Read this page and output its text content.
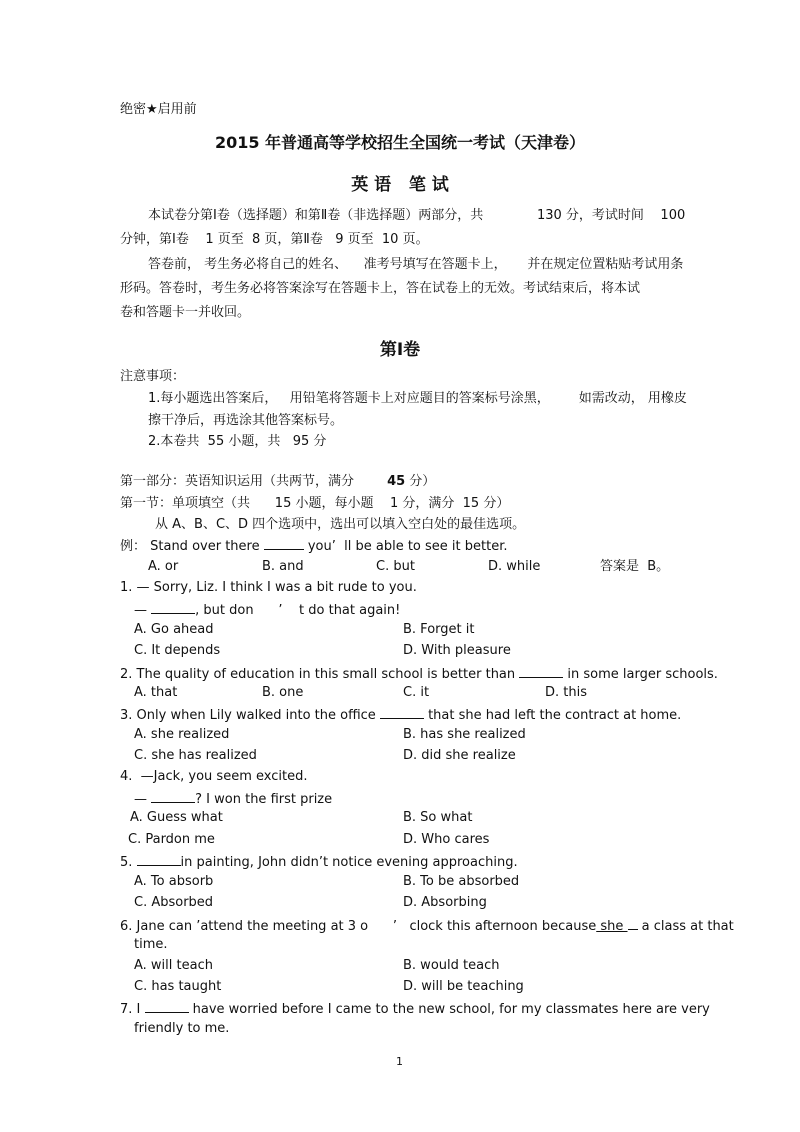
绝密★启用前
2015 年普通高等学校招生全国统一考试（天津卷）
英 语   笔 试
本试卷分第Ⅰ卷（选择题）和第Ⅱ卷（非选择题）两部分，共             130 分，考试时间    100
分钟，第Ⅰ卷    1 页至  8 页，第Ⅱ卷   9 页至  10 页。
答卷前， 考生务必将自己的姓名、    准考号填写在答题卡上，     并在规定位置粘贴考试用条
形码。答卷时，考生务必将答案涂写在答题卡上，答在试卷上的无效。考试结束后，将本试
卷和答题卡一并收回。
第Ⅰ卷
注意事项：
1.每小题选出答案后，   用铅笔将答题卡上对应题目的答案标号涂黑，       如需改动， 用橡皮
擦干净后，再选涂其他答案标号。
2.本卷共  55 小题，共   95 分
第一部分：英语知识运用（共两节，满分        45 分）
第一节：单项填空（共      15 小题，每小题    1 分，满分  15 分）
从 A、B、C、D 四个选项中，选出可以填入空白处的最佳选项。
例： Stand over there	you’  ll be able to see it better.
A. or	B. and	C. but	D. while	答案是  B。
1. — Sorry, Liz. I think I was a bit rude to you.
—	, but don      ’    t do that again!
A. Go ahead	B. Forget it
C. It depends	D. With pleasure
2. The quality of education in this small school is better than	in some larger schools.
A. that	B. one	C. it	D. this
3. Only when Lily walked into the office	that she had left the contract at home.
A. she realized	B. has she realized
C. she has realized	D. did she realize
4.  —Jack, you seem excited.
—	? I won the first prize
A. Guess what	B. So what
C. Pardon me	D. Who cares
5.	in painting, John didn’t notice evening approaching.
A. To absorb	B. To be absorbed
C. Absorbed	D. Absorbing
6. Jane can ’attend the meeting at 3 o      ’   clock this afternoon because she  a class at that
time.
A. will teach	B. would teach
C. has taught	D. will be teaching
7. I	have worried before I came to the new school, for my classmates here are very
friendly to me.
1
